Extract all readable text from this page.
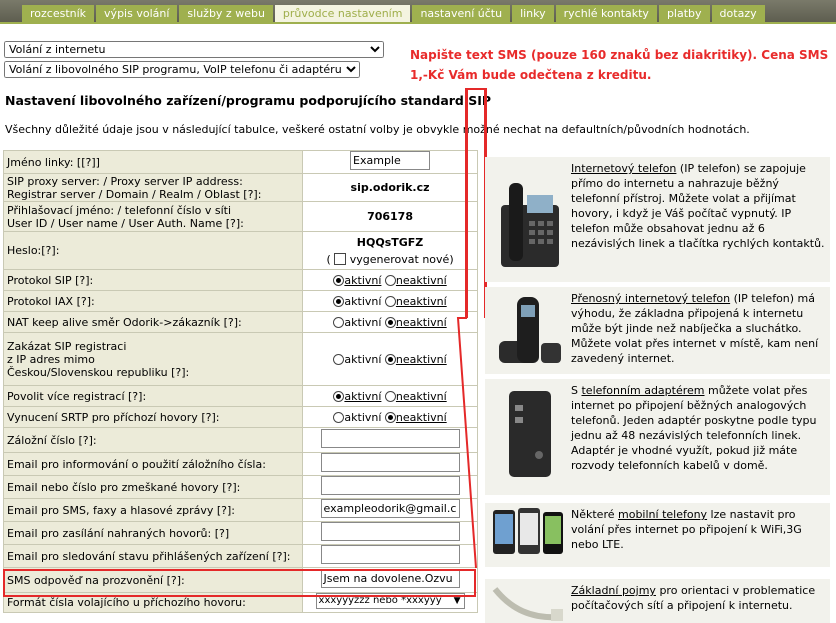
rozcestník	výpis volání	služby z webu	průvodce nastavením	nastavení účtu	linky	rychlé kontakty	platby	dotazy
Volání z internetu
Volání z libovolného SIP programu, VoIP telefonu či adaptéru
Napište text SMS (pouze 160 znaků bez diakritiky). Cena SMS 1,-Kč Vám bude odečtena z kreditu.
Nastavení libovolného zařízení/programu podporujícího standard SIP
Všechny důležité údaje jsou v následující tabulce, veškeré ostatní volby je obvykle možné nechat na defaultních/původních hodnotách.
Jméno linky: [[?]]	Example
SIP proxy server: / Proxy server IP address:
Registrar server / Domain / Realm / Oblast [?]:	sip.odorik.cz
Přihlašovací jméno: / telefonní číslo v síti
User ID / User name / User Auth. Name [?]:	706178
Heslo:[?]:	HQQsTGFZ
(  vygenerovat nové)

Protokol SIP [?]:	aktivní neaktivní
Protokol IAX [?]:	aktivní neaktivní
NAT keep alive směr Odorik->zákazník [?]:	aktivní neaktivní
Zakázat SIP registraci
z IP adres mimo
Českou/Slovenskou republiku [?]:	aktivní neaktivní
Povolit více registrací [?]:	aktivní neaktivní
Vynucení SRTP pro příchozí hovory [?]:	aktivní neaktivní
Záložní číslo [?]:	
Email pro informování o použití záložního čísla:	
Email nebo číslo pro zmeškané hovory [?]:	
Email pro SMS, faxy a hlasové zprávy [?]:	exampleodorik@gmail.c
Email pro zasílání nahraných hovorů: [?]	
Email pro sledování stavu přihlášených zařízení [?]:	
SMS odpověď na prozvonění [?]:	Jsem na dovolene.Ozvu
Formát čísla volajícího u příchozího hovoru:	xxxyyyzzz nebo *xxxyyy ▼
Internetový telefon (IP telefon) se zapojuje přímo do internetu a nahrazuje běžný telefonní přístroj. Můžete volat a přijímat hovory, i když je Váš počítač vypnutý. IP telefon může obsahovat jednu až 6 nezávislých linek a tlačítka rychlých kontaktů.
Přenosný internetový telefon (IP telefon) má výhodu, že základna připojená k internetu může být jinde než nabíječka a sluchátko. Můžete volat přes internet v místě, kam není zavedený internet.
S telefonním adaptérem můžete volat přes internet po připojení běžných analogových telefonů. Jeden adaptér poskytne podle typu jednu až 48 nezávislých telefonních linek. Adaptér je vhodné využít, pokud již máte rozvody telefonních kabelů v domě.
Některé mobilní telefony lze nastavit pro volání přes internet po připojení k WiFi,3G nebo LTE.
Základní pojmy pro orientaci v problematice počítačových sítí a připojení k internetu.
